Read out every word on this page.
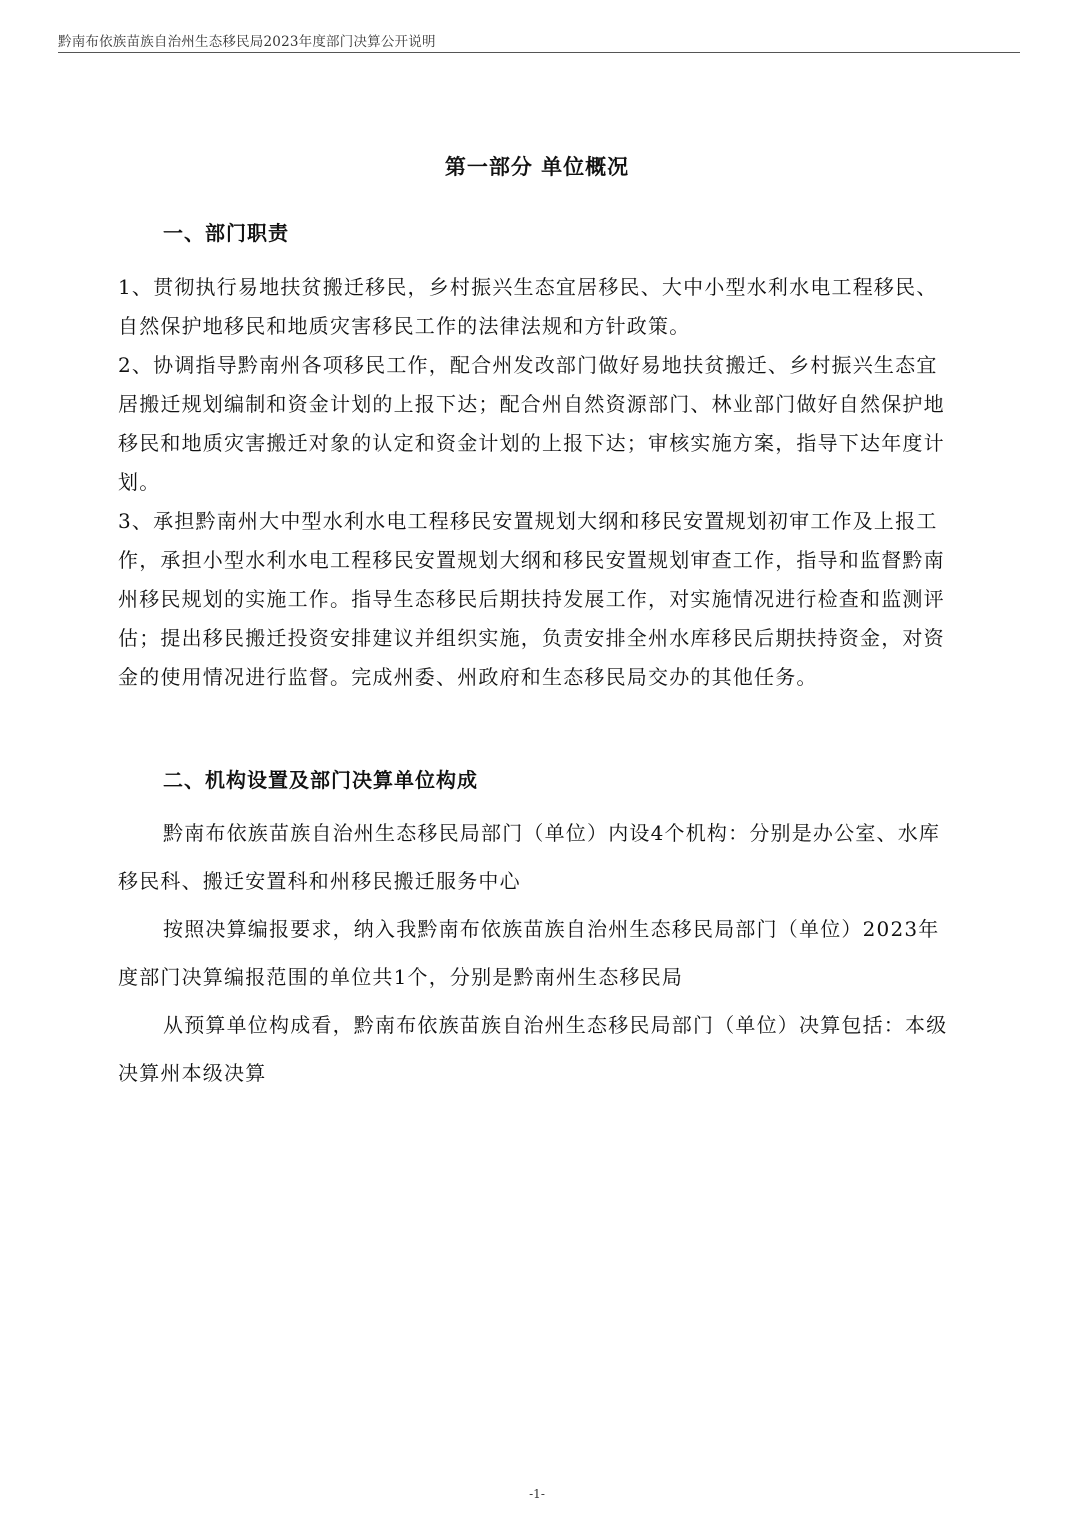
黔南布依族苗族自治州生态移民局2023年度部门决算公开说明
第一部分 单位概况
一、部门职责

1、贯彻执行易地扶贫搬迁移民，乡村振兴生态宜居移民、大中小型水利水电工程移民、自然保护地移民和地质灾害移民工作的法律法规和方针政策。

2、协调指导黔南州各项移民工作，配合州发改部门做好易地扶贫搬迁、乡村振兴生态宜居搬迁规划编制和资金计划的上报下达；配合州自然资源部门、林业部门做好自然保护地移民和地质灾害搬迁对象的认定和资金计划的上报下达；审核实施方案，指导下达年度计划。

3、承担黔南州大中型水利水电工程移民安置规划大纲和移民安置规划初审工作及上报工作，承担小型水利水电工程移民安置规划大纲和移民安置规划审查工作，指导和监督黔南州移民规划的实施工作。指导生态移民后期扶持发展工作，对实施情况进行检查和监测评估；提出移民搬迁投资安排建议并组织实施，负责安排全州水库移民后期扶持资金，对资金的使用情况进行监督。完成州委、州政府和生态移民局交办的其他任务。

二、机构设置及部门决算单位构成

黔南布依族苗族自治州生态移民局部门（单位）内设4个机构：分别是办公室、水库移民科、搬迁安置科和州移民搬迁服务中心

按照决算编报要求，纳入我黔南布依族苗族自治州生态移民局部门（单位）2023年度部门决算编报范围的单位共1个，分别是黔南州生态移民局

从预算单位构成看，黔南布依族苗族自治州生态移民局部门（单位）决算包括：本级决算州本级决算

-1-
